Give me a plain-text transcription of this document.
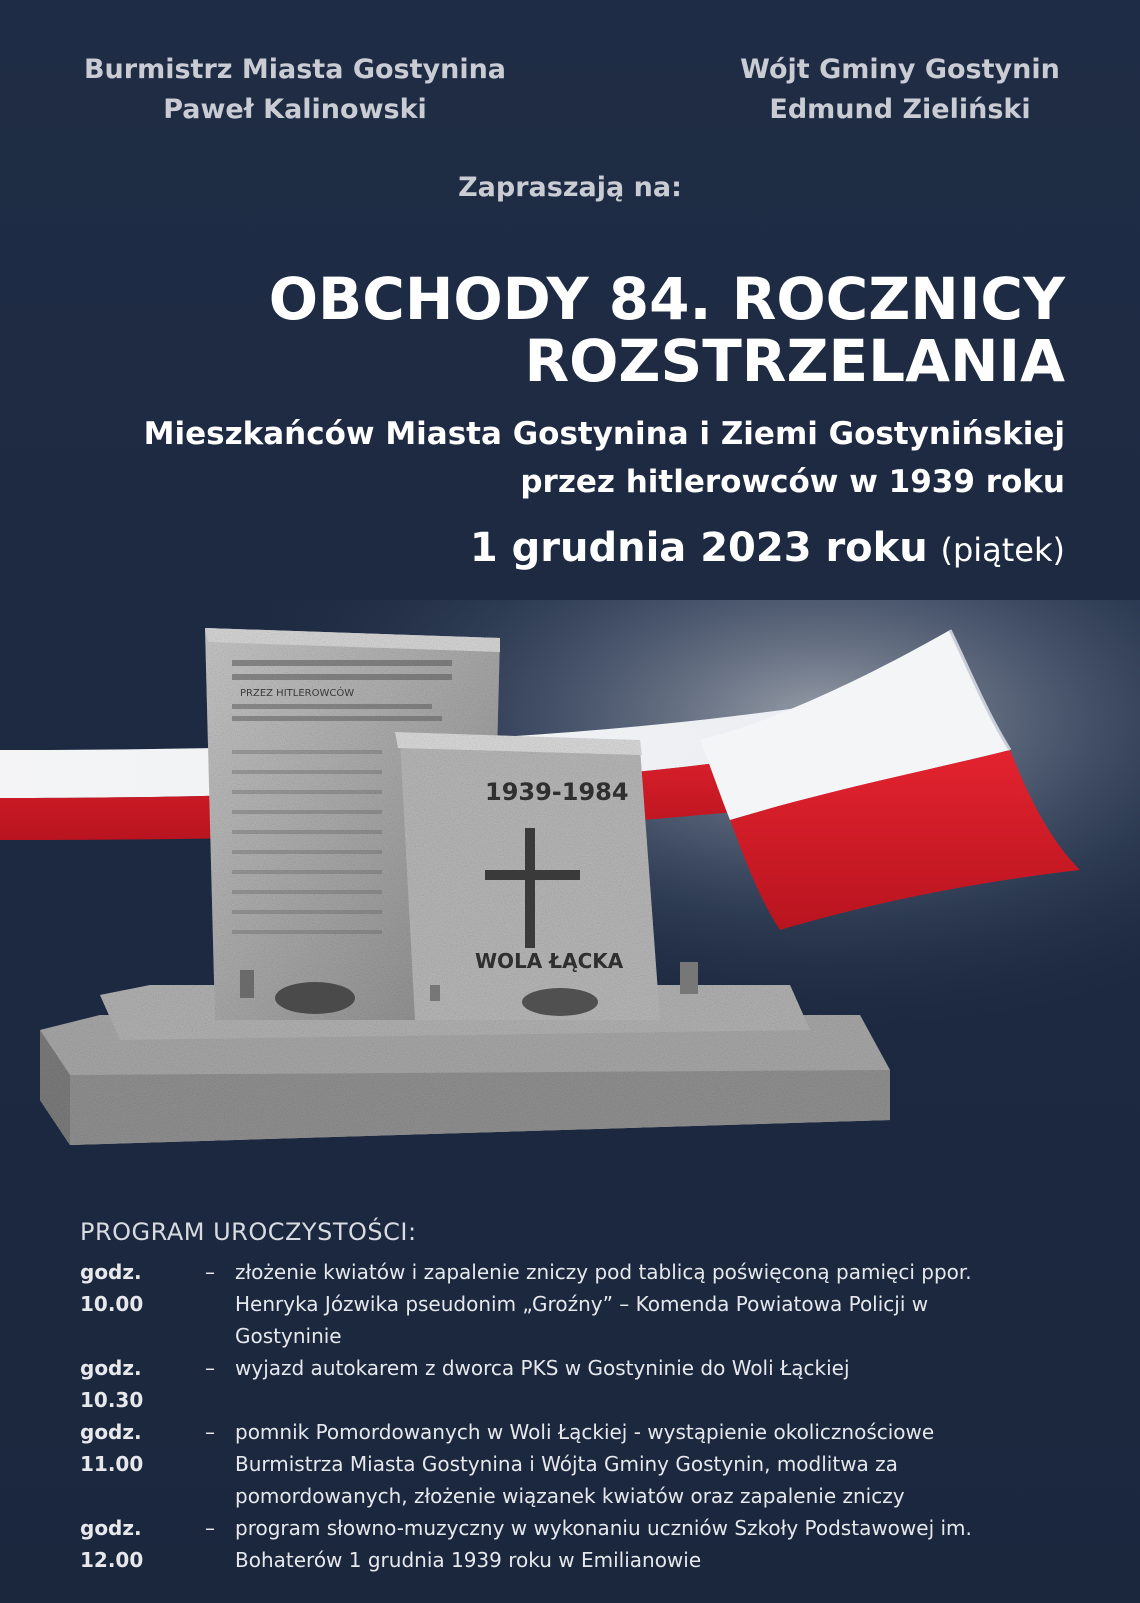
Burmistrz Miasta Gostynina
Paweł Kalinowski
Wójt Gminy Gostynin
Edmund Zieliński
Zapraszają na:
OBCHODY 84. ROCZNICY
ROZSTRZELANIA
Mieszkańców Miasta Gostynina i Ziemi Gostynińskiej
przez hitlerowców w 1939 roku
1 grudnia 2023 roku (piątek)
PRZEZ HITLEROWCÓW
1939-1984
WOLA ŁĄCKA
PROGRAM UROCZYSTOŚCI:
godz. 10.00
–	złożenie kwiatów i zapalenie zniczy pod tablicą poświęconą pamięci ppor. Henryka Józwika pseudonim „Groźny” – Komenda Powiatowa Policji w Gostyninie
godz. 10.30
–	wyjazd autokarem z dworca PKS w Gostyninie do Woli Łąckiej
godz. 11.00
–	pomnik Pomordowanych w Woli Łąckiej - wystąpienie okolicznościowe Burmistrza Miasta Gostynina i Wójta Gminy Gostynin, modlitwa za pomordowanych, złożenie wiązanek kwiatów oraz zapalenie zniczy
godz. 12.00
–	program słowno-muzyczny w wykonaniu uczniów Szkoły Podstawowej im. Bohaterów 1 grudnia 1939 roku w Emilianowie
